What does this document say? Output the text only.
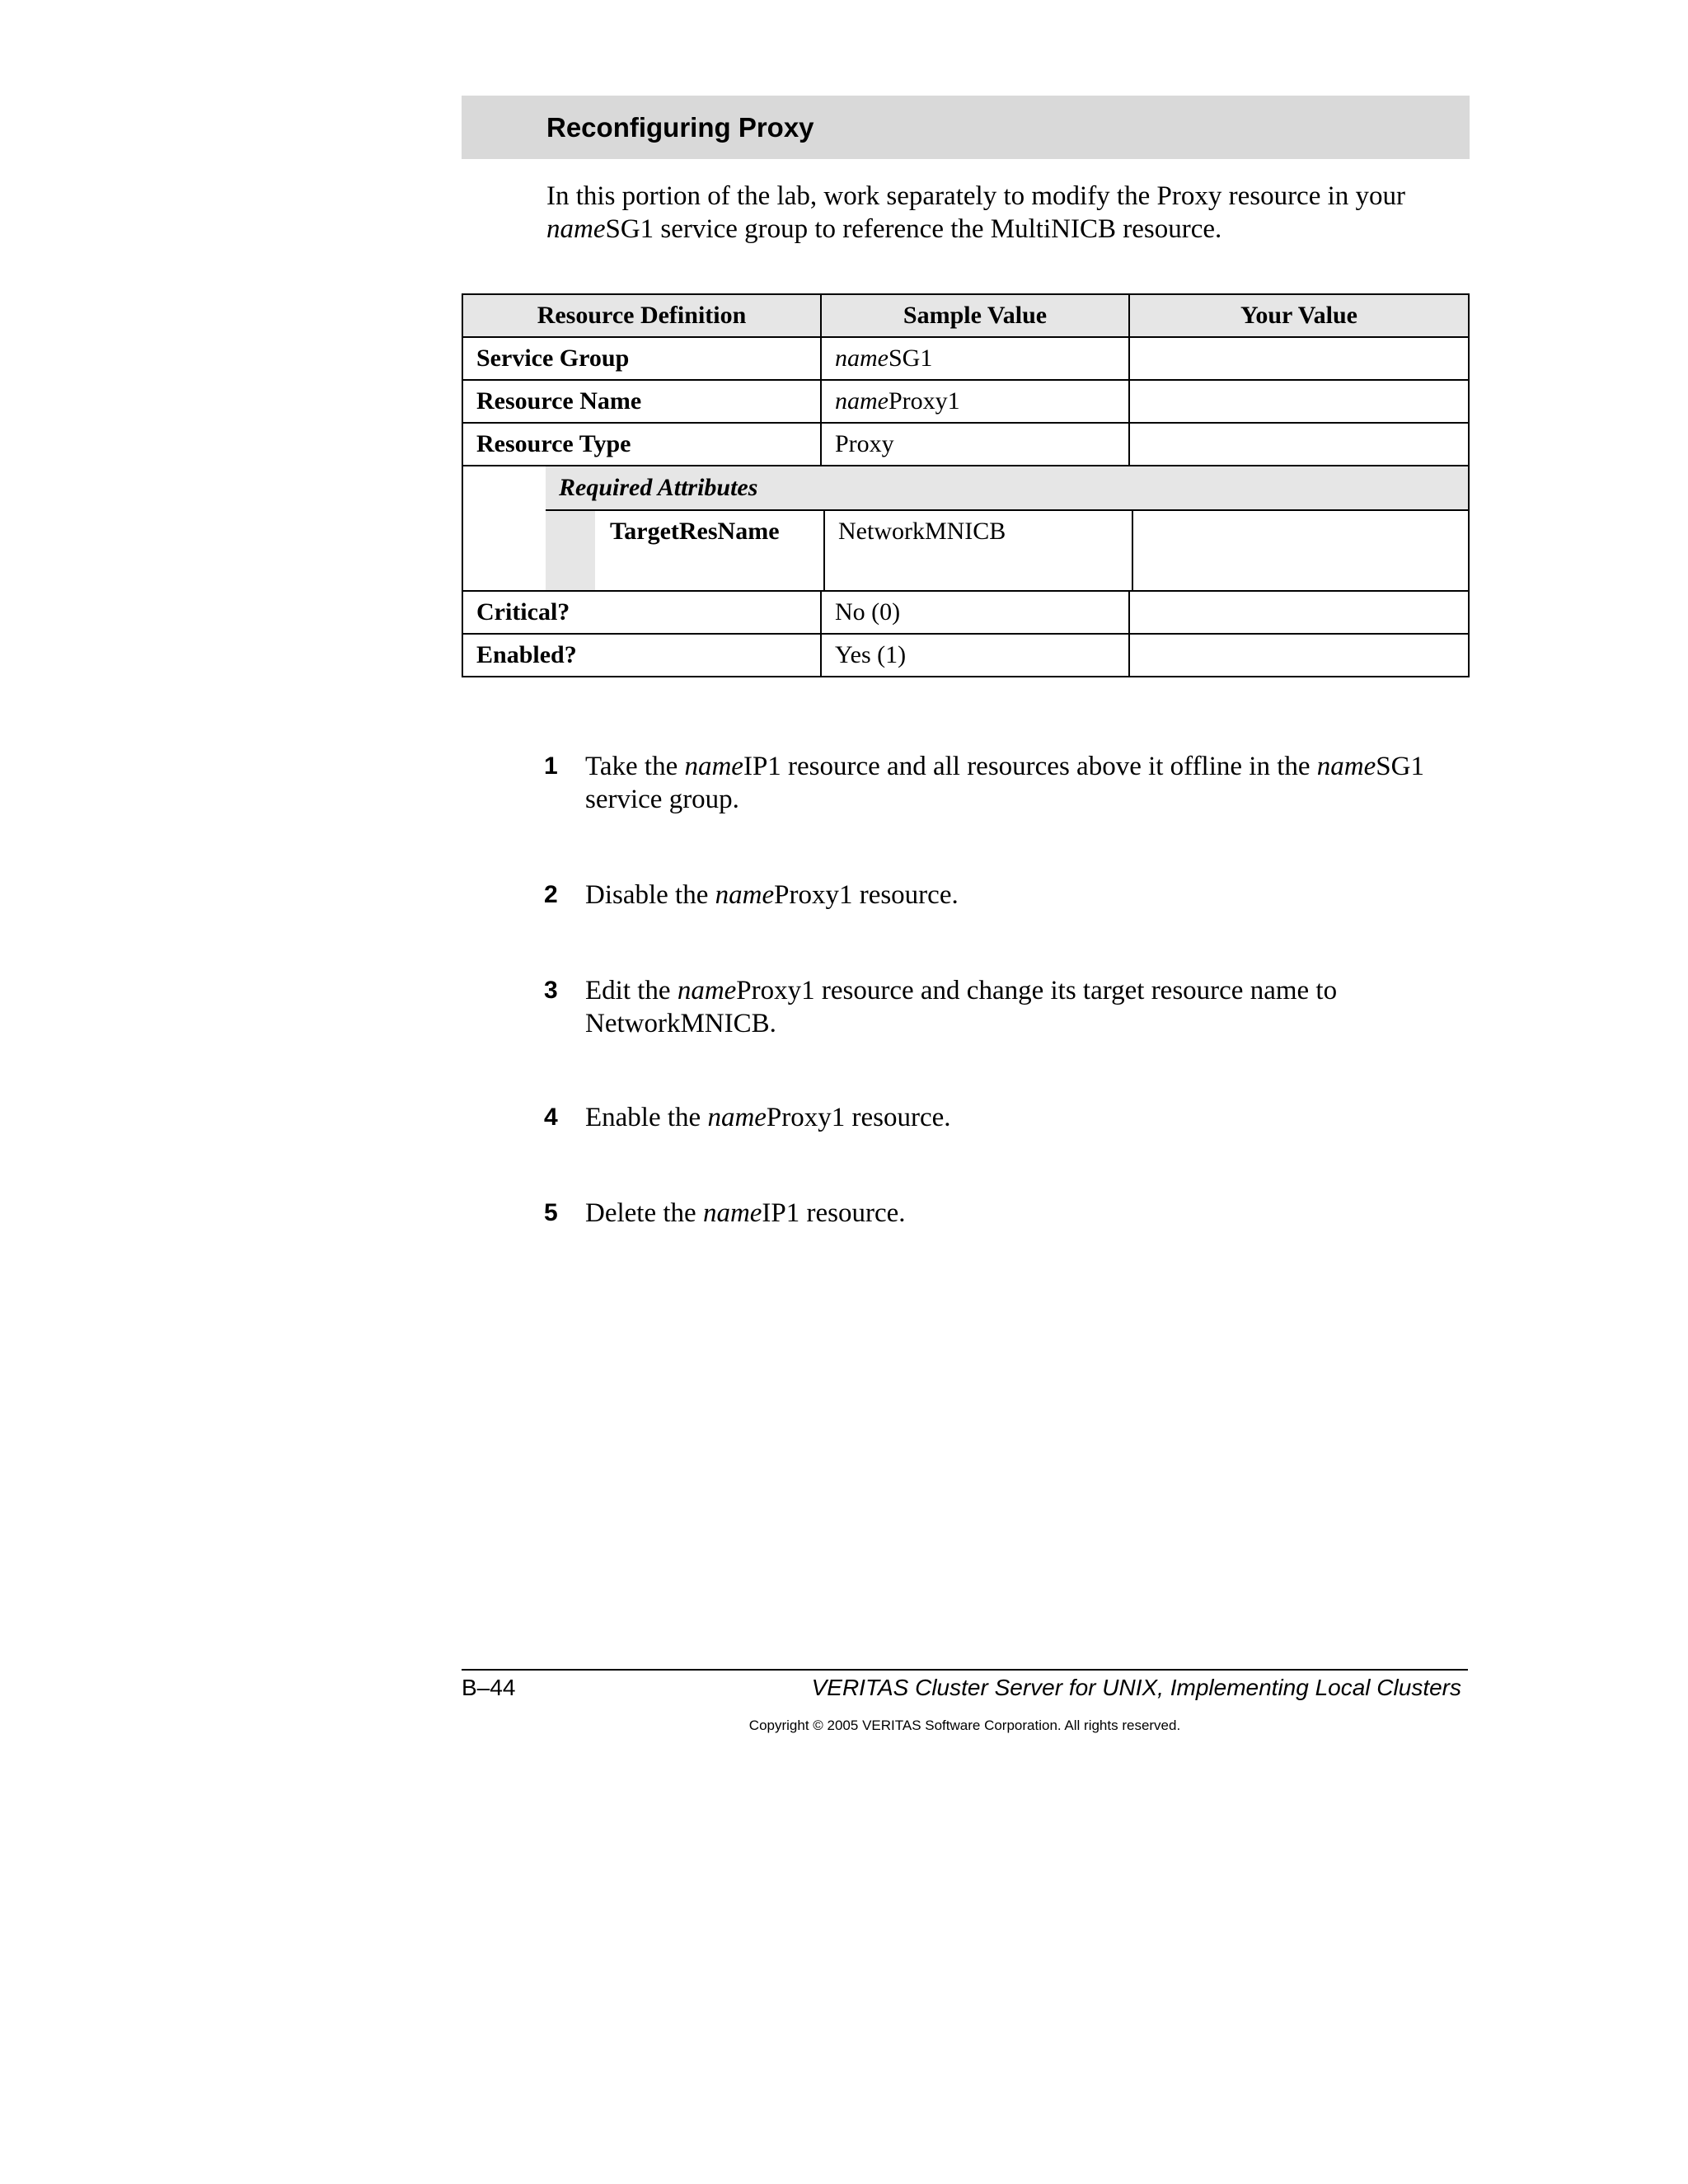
Reconfiguring Proxy

In this portion of the lab, work separately to modify the Proxy resource in your
nameSG1 service group to reference the MultiNICB resource.

Resource Definition	Sample Value	Your Value
Service Group	nameSG1	
Resource Name	nameProxy1	
Resource Type	Proxy	

Required Attributes
TargetResName NetworkMNICB		

Critical?	No (0)	
Enabled?	Yes (1)	
1	Take the nameIP1 resource and all resources above it offline in the nameSG1
service group.
2	Disable the nameProxy1 resource.
3	Edit the nameProxy1 resource and change its target resource name to
NetworkMNICB.
4	Enable the nameProxy1 resource.
5	Delete the nameIP1 resource.
B–44	VERITAS Cluster Server for UNIX, Implementing Local Clusters
Copyright © 2005 VERITAS Software Corporation. All rights reserved.
